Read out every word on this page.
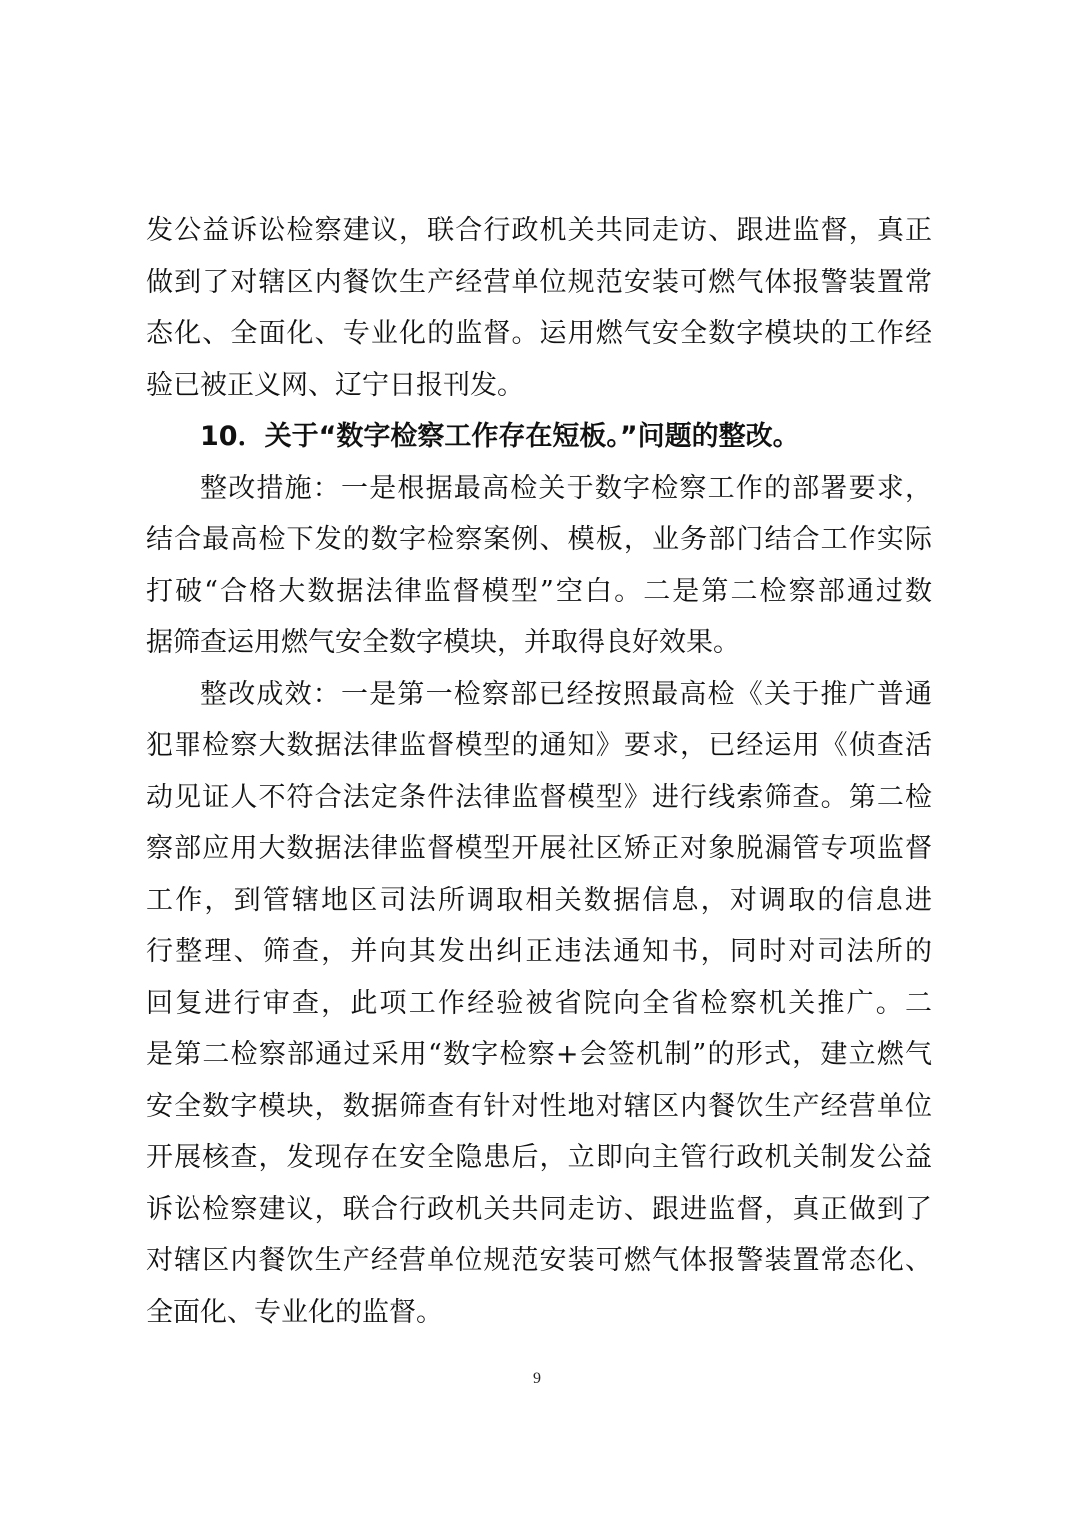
发公益诉讼检察建议，联合行政机关共同走访、跟进监督，真正
做到了对辖区内餐饮生产经营单位规范安装可燃气体报警装置常
态化、全面化、专业化的监督。运用燃气安全数字模块的工作经
验已被正义网、辽宁日报刊发。
10．关于“数字检察工作存在短板。”问题的整改。
整改措施：一是根据最高检关于数字检察工作的部署要求，
结合最高检下发的数字检察案例、模板，业务部门结合工作实际
打破“合格大数据法律监督模型”空白。二是第二检察部通过数
据筛查运用燃气安全数字模块，并取得良好效果。
整改成效：一是第一检察部已经按照最高检《关于推广普通
犯罪检察大数据法律监督模型的通知》要求，已经运用《侦查活
动见证人不符合法定条件法律监督模型》进行线索筛查。第二检
察部应用大数据法律监督模型开展社区矫正对象脱漏管专项监督
工作，到管辖地区司法所调取相关数据信息，对调取的信息进
行整理、筛查，并向其发出纠正违法通知书，同时对司法所的
回复进行审查，此项工作经验被省院向全省检察机关推广。二
是第二检察部通过采用“数字检察+会签机制”的形式，建立燃气
安全数字模块，数据筛查有针对性地对辖区内餐饮生产经营单位
开展核查，发现存在安全隐患后，立即向主管行政机关制发公益
诉讼检察建议，联合行政机关共同走访、跟进监督，真正做到了
对辖区内餐饮生产经营单位规范安装可燃气体报警装置常态化、
全面化、专业化的监督。
9
